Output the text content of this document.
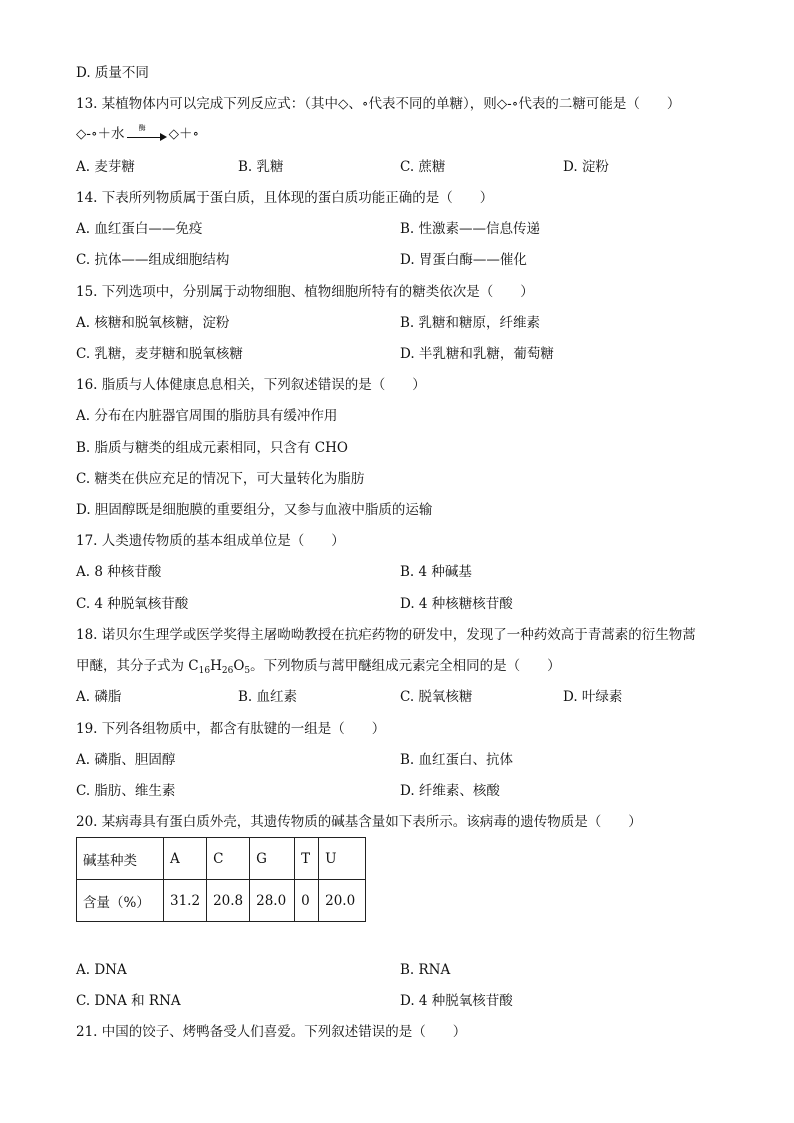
D. 质量不同
13. 某植物体内可以完成下列反应式：（其中◇、∘代表不同的单糖），则◇-∘代表的二糖可能是（　　）
◇-∘＋水 酶 ◇＋∘
A. 麦芽糖	B. 乳糖	C. 蔗糖	D. 淀粉
14. 下表所列物质属于蛋白质，且体现的蛋白质功能正确的是（　　）
A. 血红蛋白——免疫	B. 性激素——信息传递
C. 抗体——组成细胞结构	D. 胃蛋白酶——催化
15. 下列选项中，分别属于动物细胞、植物细胞所特有的糖类依次是（　　）
A. 核糖和脱氧核糖，淀粉	B. 乳糖和糖原，纤维素
C. 乳糖，麦芽糖和脱氧核糖	D. 半乳糖和乳糖，葡萄糖
16. 脂质与人体健康息息相关，下列叙述错误的是（　　）
A. 分布在内脏器官周围的脂肪具有缓冲作用
B. 脂质与糖类的组成元素相同，只含有 CHO
C. 糖类在供应充足的情况下，可大量转化为脂肪
D. 胆固醇既是细胞膜的重要组分，又参与血液中脂质的运输
17. 人类遗传物质的基本组成单位是（　　）
A. 8 种核苷酸	B. 4 种碱基
C. 4 种脱氧核苷酸	D. 4 种核糖核苷酸
18. 诺贝尔生理学或医学奖得主屠呦呦教授在抗疟药物的研发中，发现了一种药效高于青蒿素的衍生物蒿
甲醚，其分子式为 $C_{16}H_{26}O_5$。下列物质与蒿甲醚组成元素完全相同的是（　　）
A. 磷脂	B. 血红素	C. 脱氧核糖	D. 叶绿素
19. 下列各组物质中，都含有肽键的一组是（　　）
A. 磷脂、胆固醇	B. 血红蛋白、抗体
C. 脂肪、维生素	D. 纤维素、核酸
20. 某病毒具有蛋白质外壳，其遗传物质的碱基含量如下表所示。该病毒的遗传物质是（　　）
碱基种类	A	C	G	T	U
含量（%）	31.2	20.8	28.0	0	20.0
A. DNA	B. RNA
C. DNA 和 RNA	D. 4 种脱氧核苷酸
21. 中国的饺子、烤鸭备受人们喜爱。下列叙述错误的是（　　）
